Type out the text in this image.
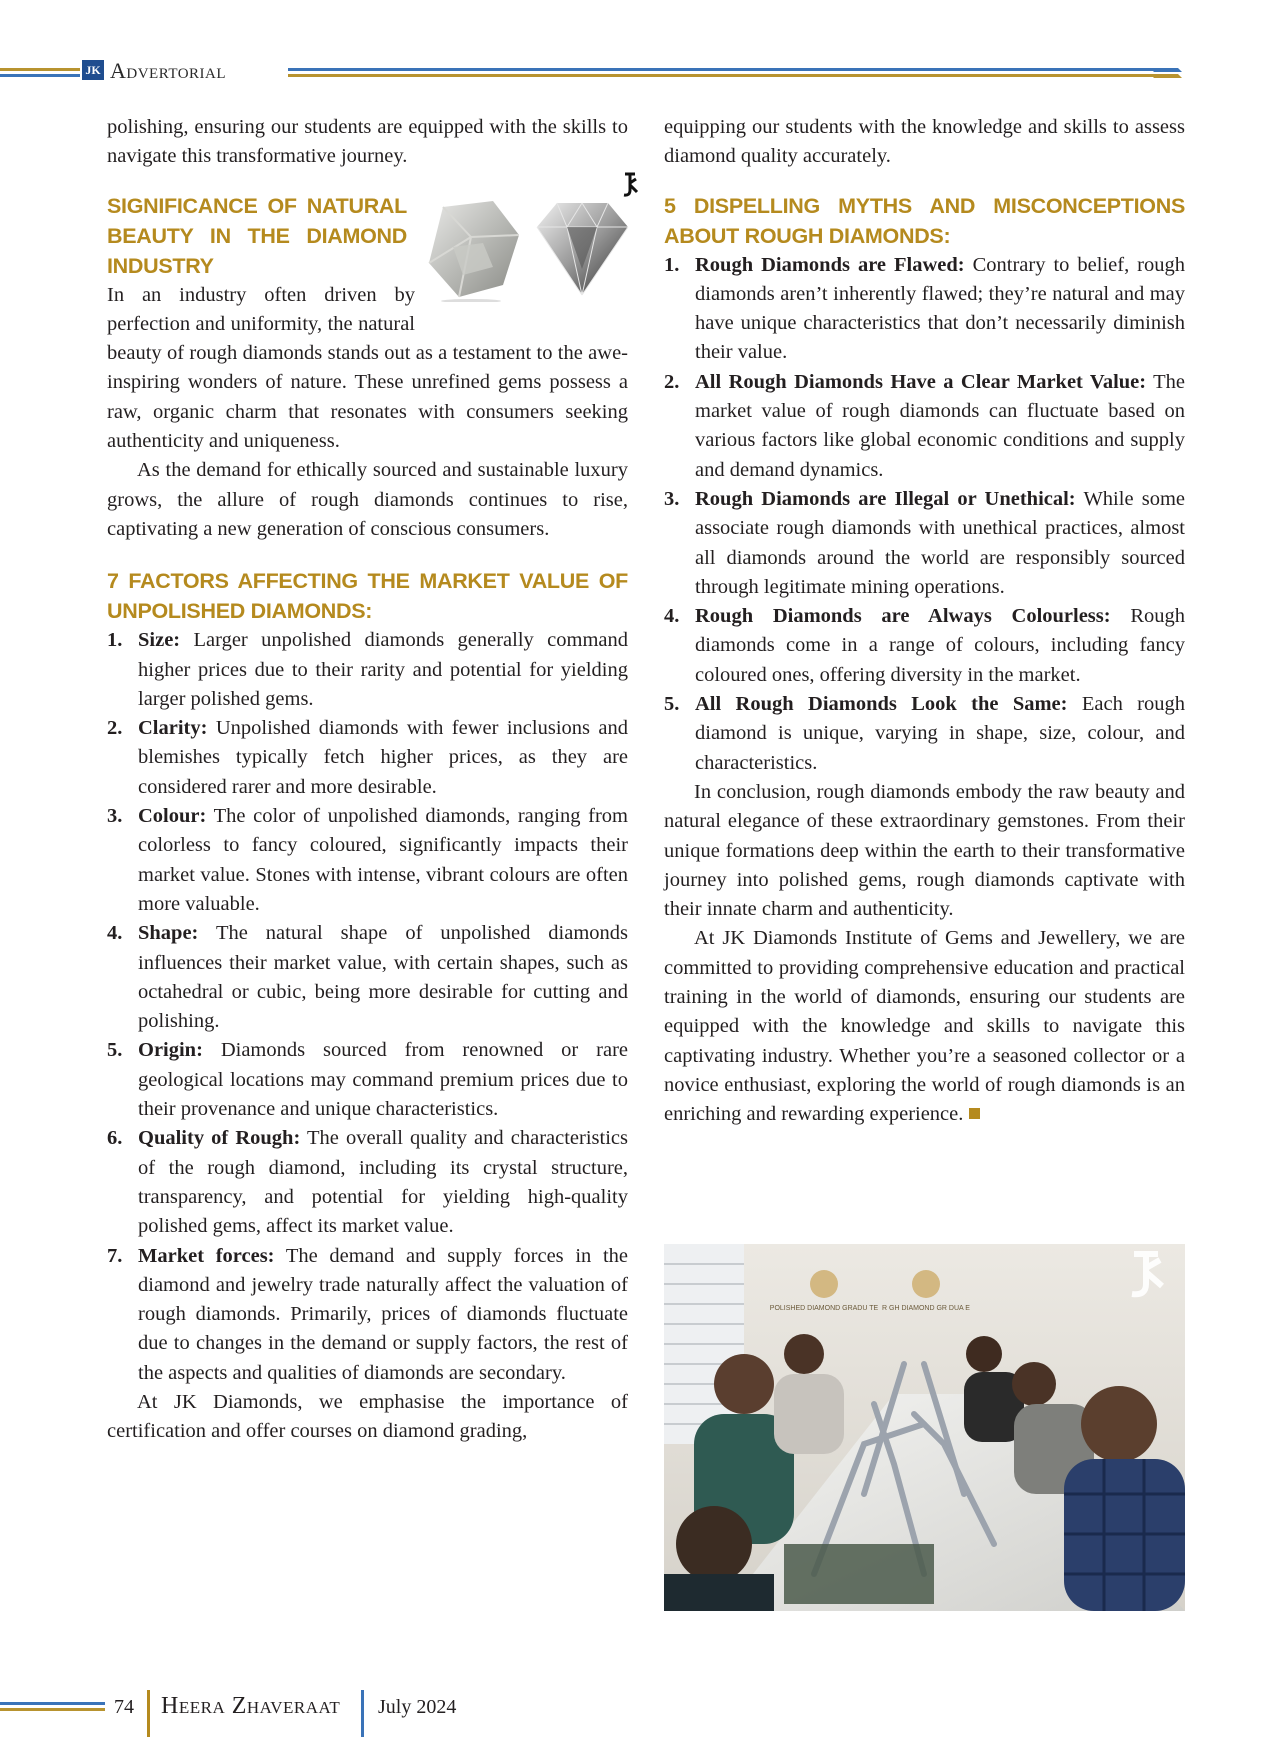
JK Advertorial

polishing, ensuring our students are equipped with the skills to navigate this transformative journey.

SIGNIFICANCE OF NATURAL BEAUTY IN THE DIAMOND INDUSTRY

In an industry often driven by perfection and uniformity, the natural beauty of rough diamonds stands out as a testament to the awe-inspiring wonders of nature. These unrefined gems possess a raw, organic charm that resonates with consumers seeking authenticity and uniqueness.

As the demand for ethically sourced and sustainable luxury grows, the allure of rough diamonds continues to rise, captivating a new generation of conscious consumers.

7 FACTORS AFFECTING THE MARKET VALUE OF UNPOLISHED DIAMONDS:

1. Size: Larger unpolished diamonds generally command higher prices due to their rarity and potential for yielding larger polished gems.
2. Clarity: Unpolished diamonds with fewer inclusions and blemishes typically fetch higher prices, as they are considered rarer and more desirable.
3. Colour: The color of unpolished diamonds, ranging from colorless to fancy coloured, significantly impacts their market value. Stones with intense, vibrant colours are often more valuable.
4. Shape: The natural shape of unpolished diamonds influences their market value, with certain shapes, such as octahedral or cubic, being more desirable for cutting and polishing.
5. Origin: Diamonds sourced from renowned or rare geological locations may command premium prices due to their provenance and unique characteristics.
6. Quality of Rough: The overall quality and characteristics of the rough diamond, including its crystal structure, transparency, and potential for yielding high-quality polished gems, affect its market value.
7. Market forces: The demand and supply forces in the diamond and jewelry trade naturally affect the valuation of rough diamonds. Primarily, prices of diamonds fluctuate due to changes in the demand or supply factors, the rest of the aspects and qualities of diamonds are secondary.

At JK Diamonds, we emphasise the importance of certification and offer courses on diamond grading,

equipping our students with the knowledge and skills to assess diamond quality accurately.

5 DISPELLING MYTHS AND MISCONCEPTIONS ABOUT ROUGH DIAMONDS:

1. Rough Diamonds are Flawed: Contrary to belief, rough diamonds aren’t inherently flawed; they’re natural and may have unique characteristics that don’t necessarily diminish their value.
2. All Rough Diamonds Have a Clear Market Value: The market value of rough diamonds can fluctuate based on various factors like global economic conditions and supply and demand dynamics.
3. Rough Diamonds are Illegal or Unethical: While some associate rough diamonds with unethical practices, almost all diamonds around the world are responsibly sourced through legitimate mining operations.
4. Rough Diamonds are Always Colourless: Rough diamonds come in a range of colours, including fancy coloured ones, offering diversity in the market.
5. All Rough Diamonds Look the Same: Each rough diamond is unique, varying in shape, size, colour, and characteristics.

In conclusion, rough diamonds embody the raw beauty and natural elegance of these extraordinary gemstones. From their unique formations deep within the earth to their transformative journey into polished gems, rough diamonds captivate with their innate charm and authenticity.

At JK Diamonds Institute of Gems and Jewellery, we are committed to providing comprehensive education and practical training in the world of diamonds, ensuring our students are equipped with the knowledge and skills to navigate this captivating industry. Whether you’re a seasoned collector or a novice enthusiast, exploring the world of rough diamonds is an enriching and rewarding experience.

POLISHED DIAMOND GRADU TE R GH DIAMOND GR DUA E
74 Heera Zhaveraat July 2024
